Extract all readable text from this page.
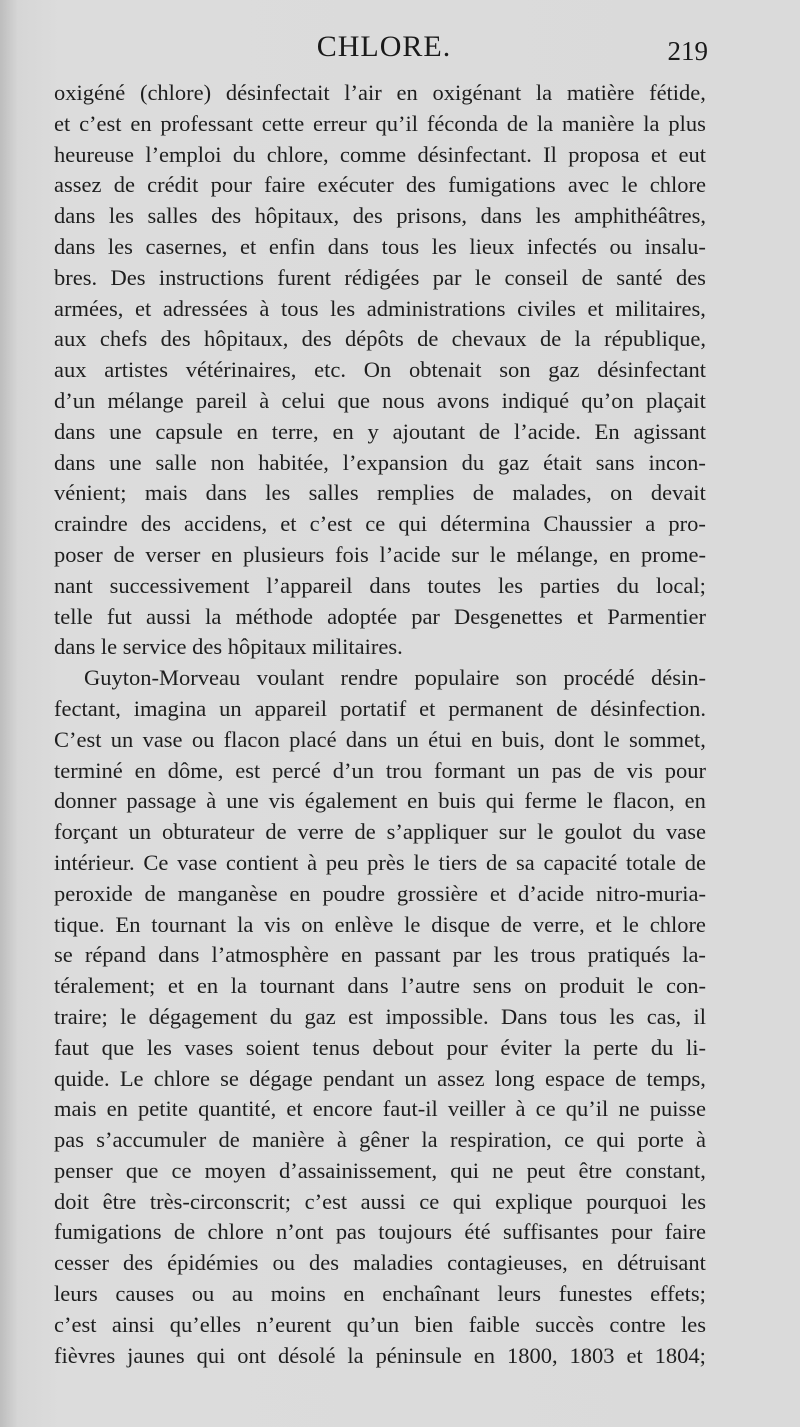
CHLORE.	219
oxigéné (chlore) désinfectait l’air en oxigénant la matière fétide,
et c’est en professant cette erreur qu’il féconda de la manière la plus
heureuse l’emploi du chlore, comme désinfectant. Il proposa et eut
assez de crédit pour faire exécuter des fumigations avec le chlore
dans les salles des hôpitaux, des prisons, dans les amphithéâtres,
dans les casernes, et enfin dans tous les lieux infectés ou insalu-
bres. Des instructions furent rédigées par le conseil de santé des
armées, et adressées à tous les administrations civiles et militaires,
aux chefs des hôpitaux, des dépôts de chevaux de la république,
aux artistes vétérinaires, etc. On obtenait son gaz désinfectant
d’un mélange pareil à celui que nous avons indiqué qu’on plaçait
dans une capsule en terre, en y ajoutant de l’acide. En agissant
dans une salle non habitée, l’expansion du gaz était sans incon-
vénient; mais dans les salles remplies de malades, on devait
craindre des accidens, et c’est ce qui détermina Chaussier a pro-
poser de verser en plusieurs fois l’acide sur le mélange, en prome-
nant successivement l’appareil dans toutes les parties du local;
telle fut aussi la méthode adoptée par Desgenettes et Parmentier
dans le service des hôpitaux militaires.
Guyton-Morveau voulant rendre populaire son procédé désin-
fectant, imagina un appareil portatif et permanent de désinfection.
C’est un vase ou flacon placé dans un étui en buis, dont le sommet,
terminé en dôme, est percé d’un trou formant un pas de vis pour
donner passage à une vis également en buis qui ferme le flacon, en
forçant un obturateur de verre de s’appliquer sur le goulot du vase
intérieur. Ce vase contient à peu près le tiers de sa capacité totale de
peroxide de manganèse en poudre grossière et d’acide nitro-muria-
tique. En tournant la vis on enlève le disque de verre, et le chlore
se répand dans l’atmosphère en passant par les trous pratiqués la-
téralement; et en la tournant dans l’autre sens on produit le con-
traire; le dégagement du gaz est impossible. Dans tous les cas, il
faut que les vases soient tenus debout pour éviter la perte du li-
quide. Le chlore se dégage pendant un assez long espace de temps,
mais en petite quantité, et encore faut-il veiller à ce qu’il ne puisse
pas s’accumuler de manière à gêner la respiration, ce qui porte à
penser que ce moyen d’assainissement, qui ne peut être constant,
doit être très-circonscrit; c’est aussi ce qui explique pourquoi les
fumigations de chlore n’ont pas toujours été suffisantes pour faire
cesser des épidémies ou des maladies contagieuses, en détruisant
leurs causes ou au moins en enchaînant leurs funestes effets;
c’est ainsi qu’elles n’eurent qu’un bien faible succès contre les
fièvres jaunes qui ont désolé la péninsule en 1800, 1803 et 1804;
